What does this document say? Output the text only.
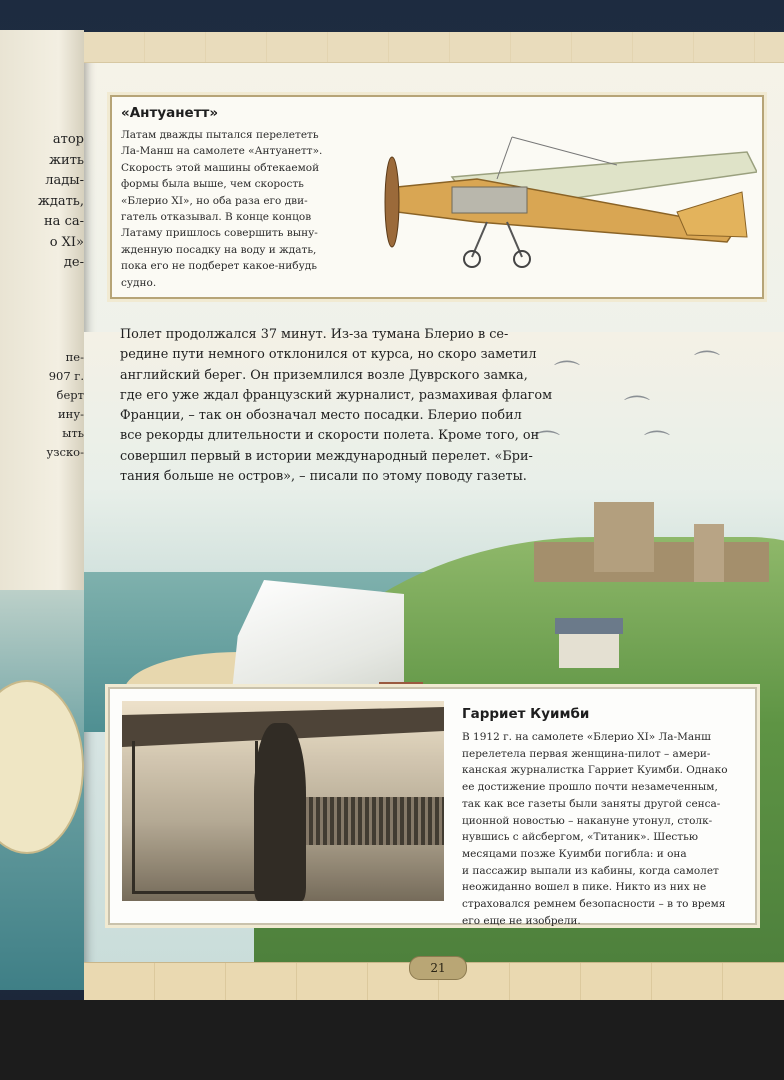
атор
жить
лады-
ждать,
на са-
о XI»
де-
пе-
907 г.
берт
ину-
ыть
узско-
⌒
⌒
⌒
⌒	⌒
«Антуанетт»
Латам дважды пытался перелететь
Ла-Манш на самолете «Антуанетт».
Скорость этой машины обтекаемой
формы была выше, чем скорость
«Блерио XI», но оба раза его дви-
гатель отказывал. В конце концов
Латаму пришлось совершить выну-
жденную посадку на воду и ждать,
пока его не подберет какое-нибудь
судно.
Полет продолжался 37 минут. Из-за тумана Блерио в се-
редине пути немного отклонился от курса, но скоро заметил
английский берег. Он приземлился возле Дуврского замка,
где его уже ждал французский журналист, размахивая флагом
Франции, – так он обозначал место посадки. Блерио побил
все рекорды длительности и скорости полета. Кроме того, он
совершил первый в истории международный перелет. «Бри-
тания больше не остров», – писали по этому поводу газеты.
Гарриет Куимби
В 1912 г. на самолете «Блерио XI» Ла-Манш
перелетела первая женщина-пилот – амери-
канская журналистка Гарриет Куимби. Однако
ее достижение прошло почти незамеченным,
так как все газеты были заняты другой сенса-
ционной новостью – накануне утонул, столк-
нувшись с айсбергом, «Титаник». Шестью
месяцами позже Куимби погибла: и она
и пассажир выпали из кабины, когда самолет
неожиданно вошел в пике. Никто из них не
страховался ремнем безопасности – в то время
его еще не изобрели.
21
